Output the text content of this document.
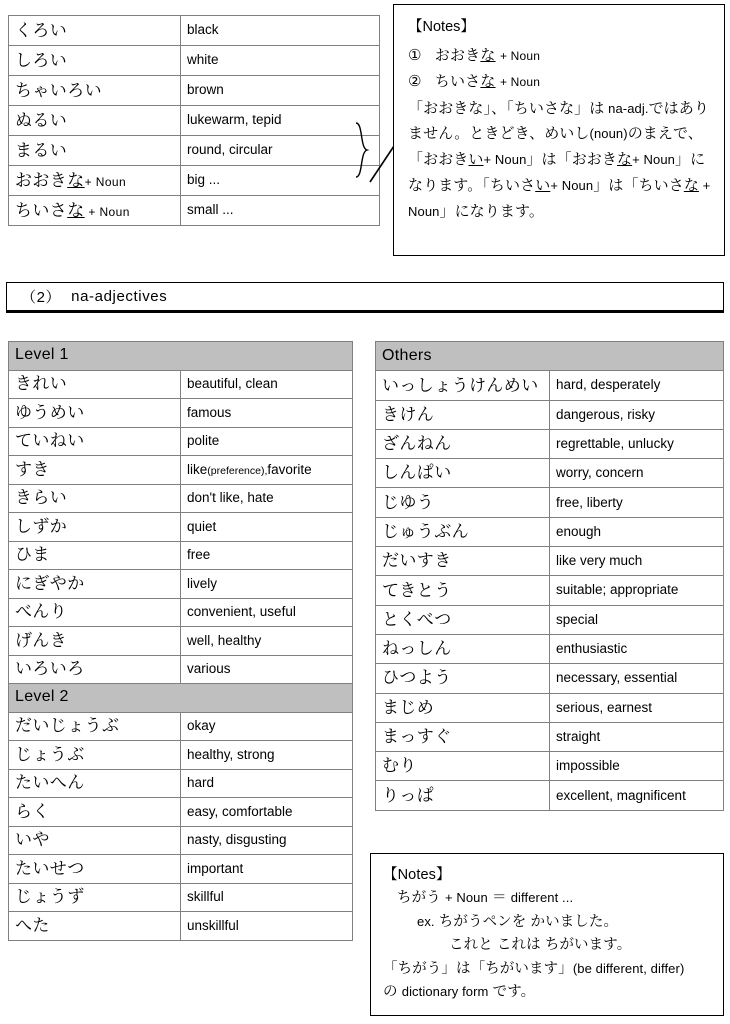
くろい	black
しろい	white
ちゃいろい	brown
ぬるい	lukewarm, tepid
まるい	round, circular
おおきな+ Noun	big ...
ちいさな + Noun	small ...
【Notes】
①   おおきな + Noun
②   ちいさな + Noun
「おおきな」、「ちいさな」は na-adj.ではありません。ときどき、めいし(noun)のまえで、「おおきい+ Noun」は「おおきな+ Noun」になります。「ちいさい+ Noun」は「ちいさな + Noun」になります。
（2） na-adjectives
Level 1	
きれい	beautiful, clean
ゆうめい	famous
ていねい	polite
すき	like(preference),favorite
きらい	don't like, hate
しずか	quiet
ひま	free
にぎやか	lively
べんり	convenient, useful
げんき	well, healthy
いろいろ	various
Level 2	
だいじょうぶ	okay
じょうぶ	healthy, strong
たいへん	hard
らく	easy, comfortable
いや	nasty, disgusting
たいせつ	important
じょうず	skillful
へた	unskillful
Others	
いっしょうけんめい	hard, desperately
きけん	dangerous, risky
ざんねん	regrettable, unlucky
しんぱい	worry, concern
じゆう	free, liberty
じゅうぶん	enough
だいすき	like very much
てきとう	suitable; appropriate
とくべつ	special
ねっしん	enthusiastic
ひつよう	necessary, essential
まじめ	serious, earnest
まっすぐ	straight
むり	impossible
りっぱ	excellent, magnificent
【Notes】
ちがう + Noun ＝ different ...
ex. ちがうペンを かいました。
これと これは ちがいます。
「ちがう」は「ちがいます」(be different, differ)
の dictionary form です。
